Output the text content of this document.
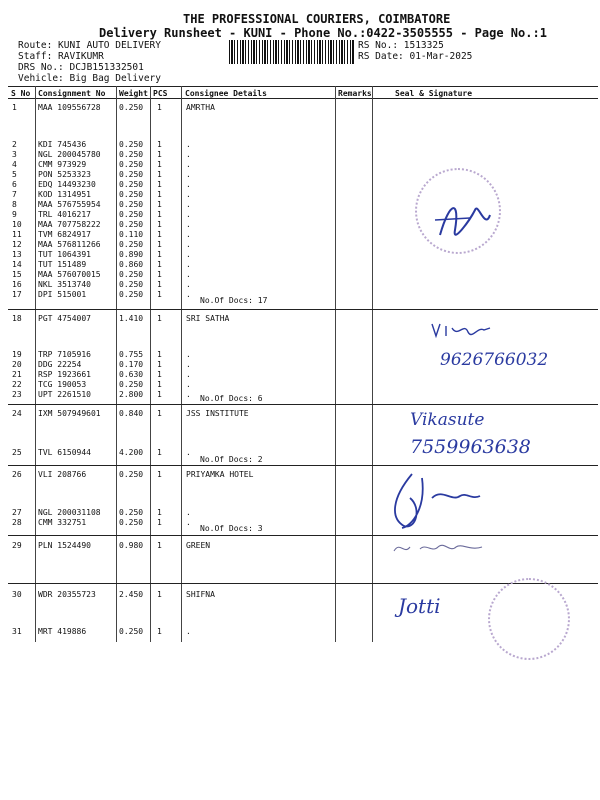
THE PROFESSIONAL COURIERS, COIMBATORE
Delivery Runsheet - KUNI - Phone No.:0422-3505555 - Page No.:1
Route: KUNI AUTO DELIVERY
Staff: RAVIKUMR
DRS No.: DCJB151332501
Vehicle: Big Bag Delivery
RS No.: 1513325
RS Date: 01-Mar-2025
S No Consignment No Weight PCS Consignee Details	Remarks	Seal & Signature
1	MAA 109556728 0.250 1	AMRTHA
2	KDI 745436	0.250 1	.
3	NGL 200045780 0.250 1	.
4	CMM 973929	0.250 1	.
5	PON 5253323	0.250 1	.
6	EDQ 14493230	0.250 1	.
7	KOD 1314951	0.250 1	.
8	MAA 576755954 0.250 1	.
9	TRL 4016217	0.250 1	.
10 MAA 707758222 0.250 1	.
11 TVM 6824917	0.110 1	.
12 MAA 576811266 0.250 1	.
13 TUT 1064391	0.890 1	.
14 TUT 151489	0.860 1	.
15 MAA 576070015 0.250 1	.
16 NKL 3513740	0.250 1	.
17 DPI 515001	0.250 1	.
18 PGT 4754007	1.410 1	SRI SATHA
19 TRP 7105916	0.755 1	.
20 DDG 22254	0.170 1	.
21 RSP 1923661	0.630 1	.
22 TCG 190053	0.250 1	.
23 UPT 2261510	2.800 1	.
24 IXM 507949601 0.840 1	JSS INSTITUTE
25 TVL 6150944	4.200 1	.
26 VLI 208766	0.250 1	PRIYAMKA HOTEL
27 NGL 200031108 0.250 1	.
28 CMM 332751	0.250 1	.
29 PLN 1524490	0.980 1	GREEN
30 WDR 20355723	2.450 1	SHIFNA
31 MRT 419886	0.250 1	.
No.Of Docs: 17
No.Of Docs: 6
No.Of Docs: 2
No.Of Docs: 3
9626766032
Vikasute
7559963638
Jotti
